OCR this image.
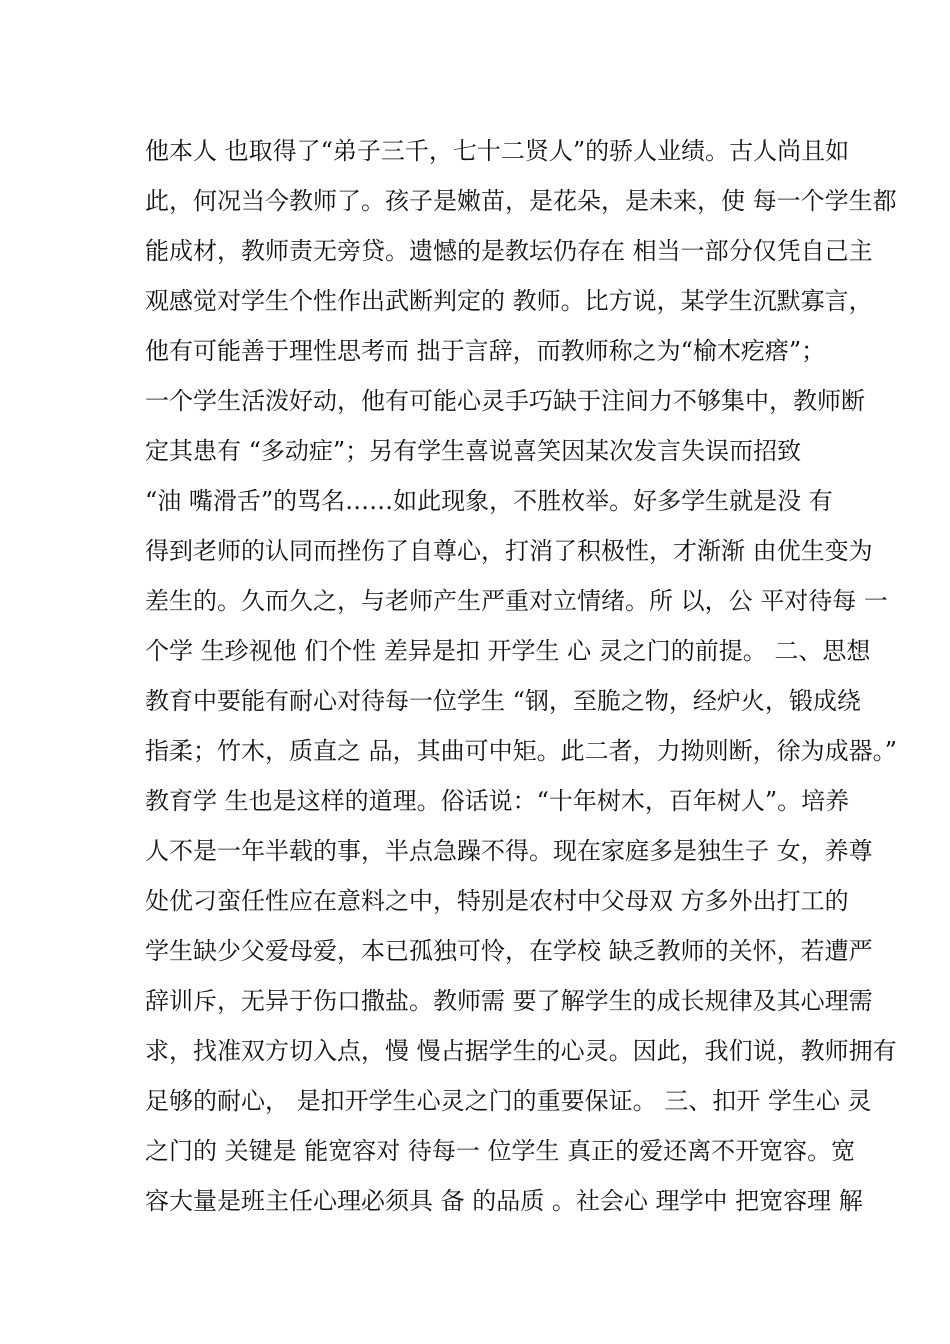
他本人 也取得了“弟子三千，七十二贤人”的骄人业绩。古人尚且如
此，何况当今教师了。孩子是嫩苗，是花朵，是未来，使 每一个学生都
能成材，教师责无旁贷。遗憾的是教坛仍存在 相当一部分仅凭自己主
观感觉对学生个性作出武断判定的 教师。比方说，某学生沉默寡言，
他有可能善于理性思考而 拙于言辞，而教师称之为“榆木疙瘩”；
一个学生活泼好动，他有可能心灵手巧缺于注间力不够集中，教师断
定其患有 “多动症”；另有学生喜说喜笑因某次发言失误而招致
“油 嘴滑舌”的骂名……如此现象，不胜枚举。好多学生就是没 有
得到老师的认同而挫伤了自尊心，打消了积极性，才渐渐 由优生变为
差生的。久而久之，与老师产生严重对立情绪。所 以，公 平对待每 一
个学 生珍视他 们个性 差异是扣 开学生 心 灵之门的前提。 二、思想
教育中要能有耐心对待每一位学生 “钢，至脆之物，经炉火，锻成绕
指柔；竹木，质直之 品，其曲可中矩。此二者，力拗则断，徐为成器。”
教育学 生也是这样的道理。俗话说：“十年树木，百年树人”。培养
人不是一年半载的事，半点急躁不得。现在家庭多是独生子 女，养尊
处优刁蛮任性应在意料之中，特别是农村中父母双 方多外出打工的
学生缺少父爱母爱，本已孤独可怜，在学校 缺乏教师的关怀，若遭严
辞训斥，无异于伤口撒盐。教师需 要了解学生的成长规律及其心理需
求，找准双方切入点，慢 慢占据学生的心灵。因此，我们说，教师拥有
足够的耐心， 是扣开学生心灵之门的重要保证。 三、扣开 学生心 灵
之门的 关键是 能宽容对 待每一 位学生 真正的爱还离不开宽容。宽
容大量是班主任心理必须具 备 的品质 。社会心 理学中 把宽容理 解
